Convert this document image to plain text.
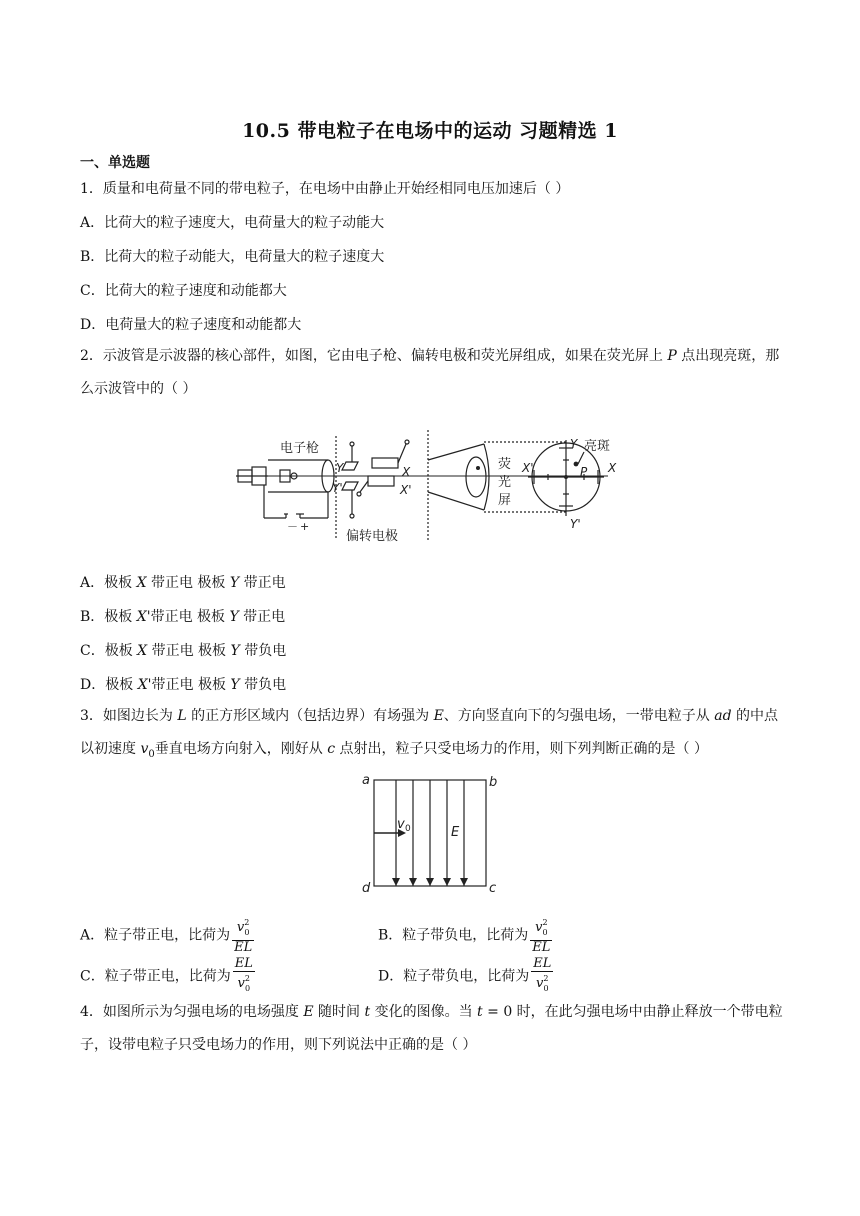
10.5 带电粒子在电场中的运动 习题精选 1
一、单选题
1．质量和电荷量不同的带电粒子，在电场中由静止开始经相同电压加速后（ ）
A．比荷大的粒子速度大，电荷量大的粒子动能大
B．比荷大的粒子动能大，电荷量大的粒子速度大
C．比荷大的粒子速度和动能都大
D．电荷量大的粒子速度和动能都大
2．示波管是示波器的核心部件，如图，它由电子枪、偏转电极和荧光屏组成，如果在荧光屏上 P 点出现亮斑，那么示波管中的（ ）
电子枪
偏转电极
荧
光
屏
亮斑
－ +
Y
Y'
X
X'
Y
Y'
X
X'	P
A．极板 X 带正电 极板 Y 带正电
B．极板 X'带正电 极板 Y 带正电
C．极板 X 带正电 极板 Y 带负电
D．极板 X'带正电 极板 Y 带负电
3．如图边长为 L 的正方形区域内（包括边界）有场强为 E、方向竖直向下的匀强电场，一带电粒子从 ad 的中点以初速度 $v_0$垂直电场方向射入，刚好从 c 点射出，粒子只受电场力的作用，则下列判断正确的是（ ）
a	b
c
d
E
v 0
A．粒子带正电，比荷为 $\frac{v^2_0}{EL}$	B．粒子带负电，比荷为 $\frac{v^2_0}{EL}$
C．粒子带正电，比荷为 $\frac{EL}{v^2_0}$	D．粒子带负电，比荷为 $\frac{EL}{v^2_0}$
4．如图所示为匀强电场的电场强度 E 随时间 t 变化的图像。当 t = 0 时，在此匀强电场中由静止释放一个带电粒子，设带电粒子只受电场力的作用，则下列说法中正确的是（ ）
